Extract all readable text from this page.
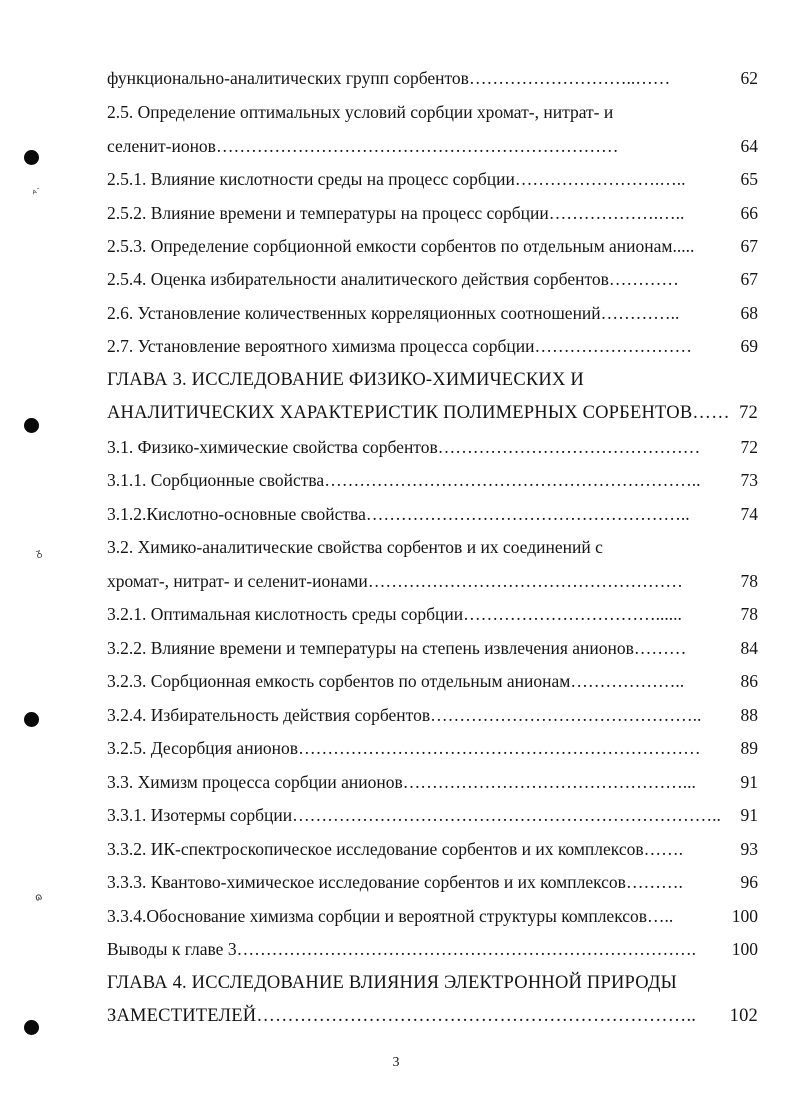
функционально-аналитических групп сорбентов………………………..……	62
2.5. Определение оптимальных условий сорбции хромат-, нитрат- и
селенит-ионов……………………………………………………………	64
2.5.1. Влияние кислотности среды на процесс сорбции…………………….…..	65
2.5.2. Влияние времени и температуры на процесс сорбции……………….…..	66
2.5.3. Определение сорбционной емкости сорбентов по отдельным анионам.....	67
2.5.4. Оценка избирательности аналитического действия сорбентов…………	67
2.6. Установление количественных корреляционных соотношений…………..	68
2.7. Установление вероятного химизма процесса сорбции………………………	69
ГЛАВА 3. ИССЛЕДОВАНИЕ ФИЗИКО-ХИМИЧЕСКИХ И
АНАЛИТИЧЕСКИХ ХАРАКТЕРИСТИК ПОЛИМЕРНЫХ СОРБЕНТОВ…… 72
3.1. Физико-химические свойства сорбентов……………………………………… 72
3.1.1. Сорбционные свойства……………………………………………………….. 73
3.1.2.Кислотно-основные свойства………………………………………………..	74
3.2. Химико-аналитические свойства сорбентов и их соединений с
хромат-, нитрат- и селенит-ионами………………………………………………	78
3.2.1. Оптимальная кислотность среды сорбции……………………………......	78
3.2.2. Влияние времени и температуры на степень извлечения анионов………	84
3.2.3. Сорбционная емкость сорбентов по отдельным анионам………………..	86
3.2.4. Избирательность действия сорбентов……………………………………….. 88
3.2.5. Десорбция анионов…………………………………………………………… 89
3.3. Химизм процесса сорбции анионов…………………………………………...	91
3.3.1. Изотермы сорбции……………………………………………………………….. 91
3.3.2. ИК-спектроскопическое исследование сорбентов и их комплексов…….	93
3.3.3. Квантово-химическое исследование сорбентов и их комплексов……….	96
3.3.4.Обоснование химизма сорбции и вероятной структуры комплексов…..	100
Выводы к главе 3……………………………………………………………………. 100
ГЛАВА 4. ИССЛЕДОВАНИЕ ВЛИЯНИЯ ЭЛЕКТРОННОЙ ПРИРОДЫ
ЗАМЕСТИТЕЛЕЙ…………………………………………………………….. 102
ᴬ˙
ᵹ
ɷ
3
